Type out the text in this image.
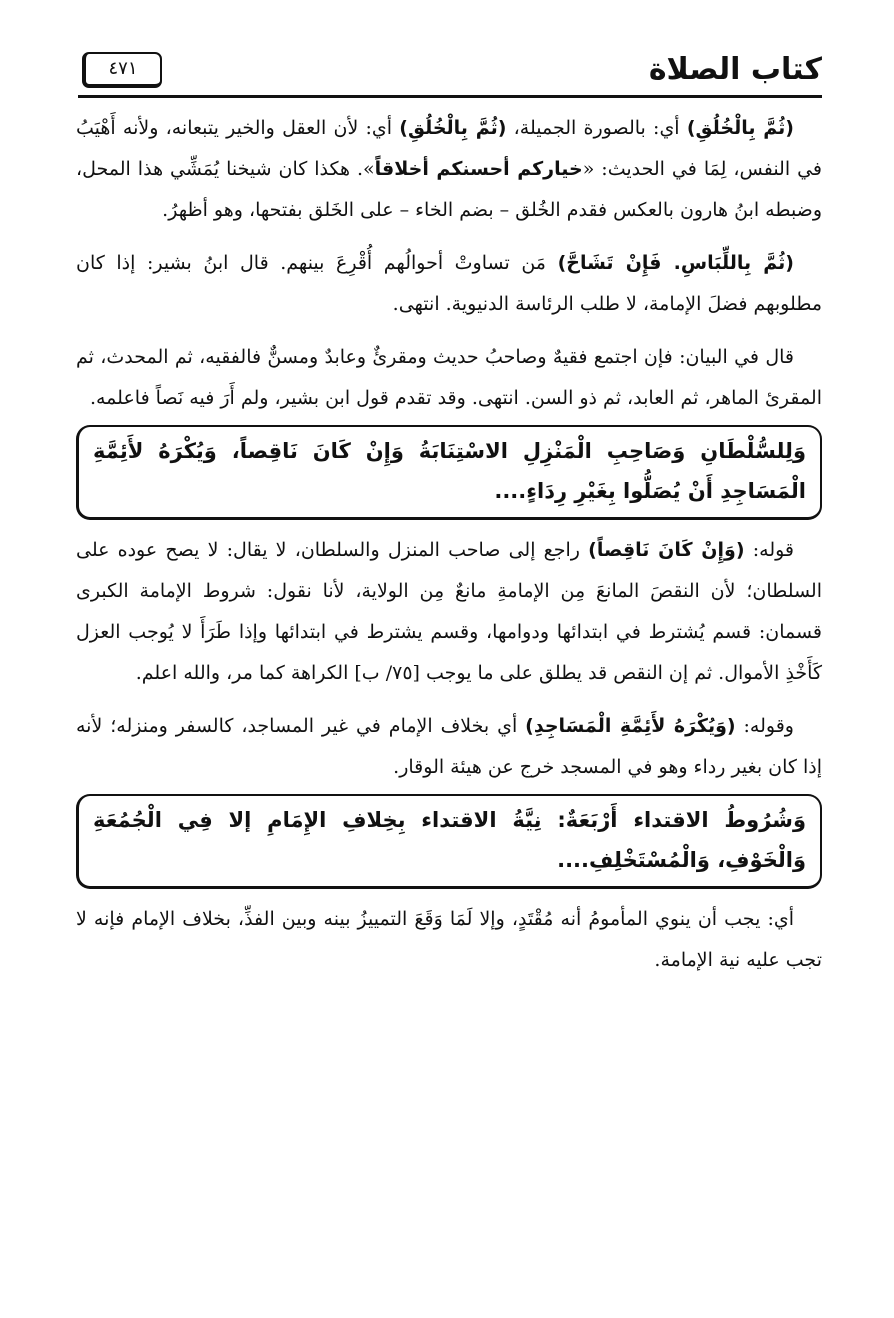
كتاب الصلاة
٤٧١

(ثُمَّ بِالْخُلُقِ) أي: بالصورة الجميلة، (ثُمَّ بِالْخُلُقِ) أي: لأن العقل والخير يتبعانه، ولأنه أَهْيَبُ في النفس، لِمَا في الحديث: «خياركم أحسنكم أخلاقاً». هكذا كان شيخنا يُمَشِّي هذا المحل، وضبطه ابنُ هارون بالعكس فقدم الخُلق – بضم الخاء – على الخَلق بفتحها، وهو أظهرُ.

(ثُمَّ بِاللِّبَاسِ. فَإِنْ تَشَاحَّ) مَن تساوتْ أحوالُهم أُقْرِعَ بينهم. قال ابنُ بشير: إذا كان مطلوبهم فضلَ الإمامة، لا طلب الرئاسة الدنيوية. انتهى.

قال في البيان: فإن اجتمع فقيهٌ وصاحبُ حديث ومقرئٌ وعابدٌ ومسنٌّ فالفقيه، ثم المحدث، ثم المقرئ الماهر، ثم العابد، ثم ذو السن. انتهى. وقد تقدم قول ابن بشير، ولم أَرَ فيه نَصاً فاعلمه.

وَلِلسُّلْطَانِ وَصَاحِبِ الْمَنْزِلِ الاسْتِنَابَةُ وَإِنْ كَانَ نَاقِصاً، وَيُكْرَهُ لأَئِمَّةِ الْمَسَاجِدِ أَنْ يُصَلُّوا بِغَيْرِ رِدَاءٍ....

قوله: (وَإِنْ كَانَ نَاقِصاً) راجع إلى صاحب المنزل والسلطان، لا يقال: لا يصح عوده على السلطان؛ لأن النقصَ المانعَ مِن الإمامةِ مانعٌ مِن الولاية، لأنا نقول: شروط الإمامة الكبرى قسمان: قسم يُشترط في ابتدائها ودوامها، وقسم يشترط في ابتدائها وإذا طَرَأَ لا يُوجب العزل كَأَخْذِ الأموال. ثم إن النقص قد يطلق على ما يوجب [٧٥/ ب] الكراهة كما مر، والله اعلم.

وقوله: (وَيُكْرَهُ لأَئِمَّةِ الْمَسَاجِدِ) أي بخلاف الإمام في غير المساجد، كالسفر ومنزله؛ لأنه إذا كان بغير رداء وهو في المسجد خرج عن هيئة الوقار.

وَشُرُوطُ الاقتداء أَرْبَعَةٌ: نِيَّةُ الاقتداء بِخِلافِ الإِمَامِ إلا فِي الْجُمُعَةِ وَالْخَوْفِ، وَالْمُسْتَخْلِفِ....

أي: يجب أن ينوي المأمومُ أنه مُقْتَدٍ، وإلا لَمَا وَقَعَ التمييزُ بينه وبين الفذِّ، بخلاف الإمام فإنه لا تجب عليه نية الإمامة.
